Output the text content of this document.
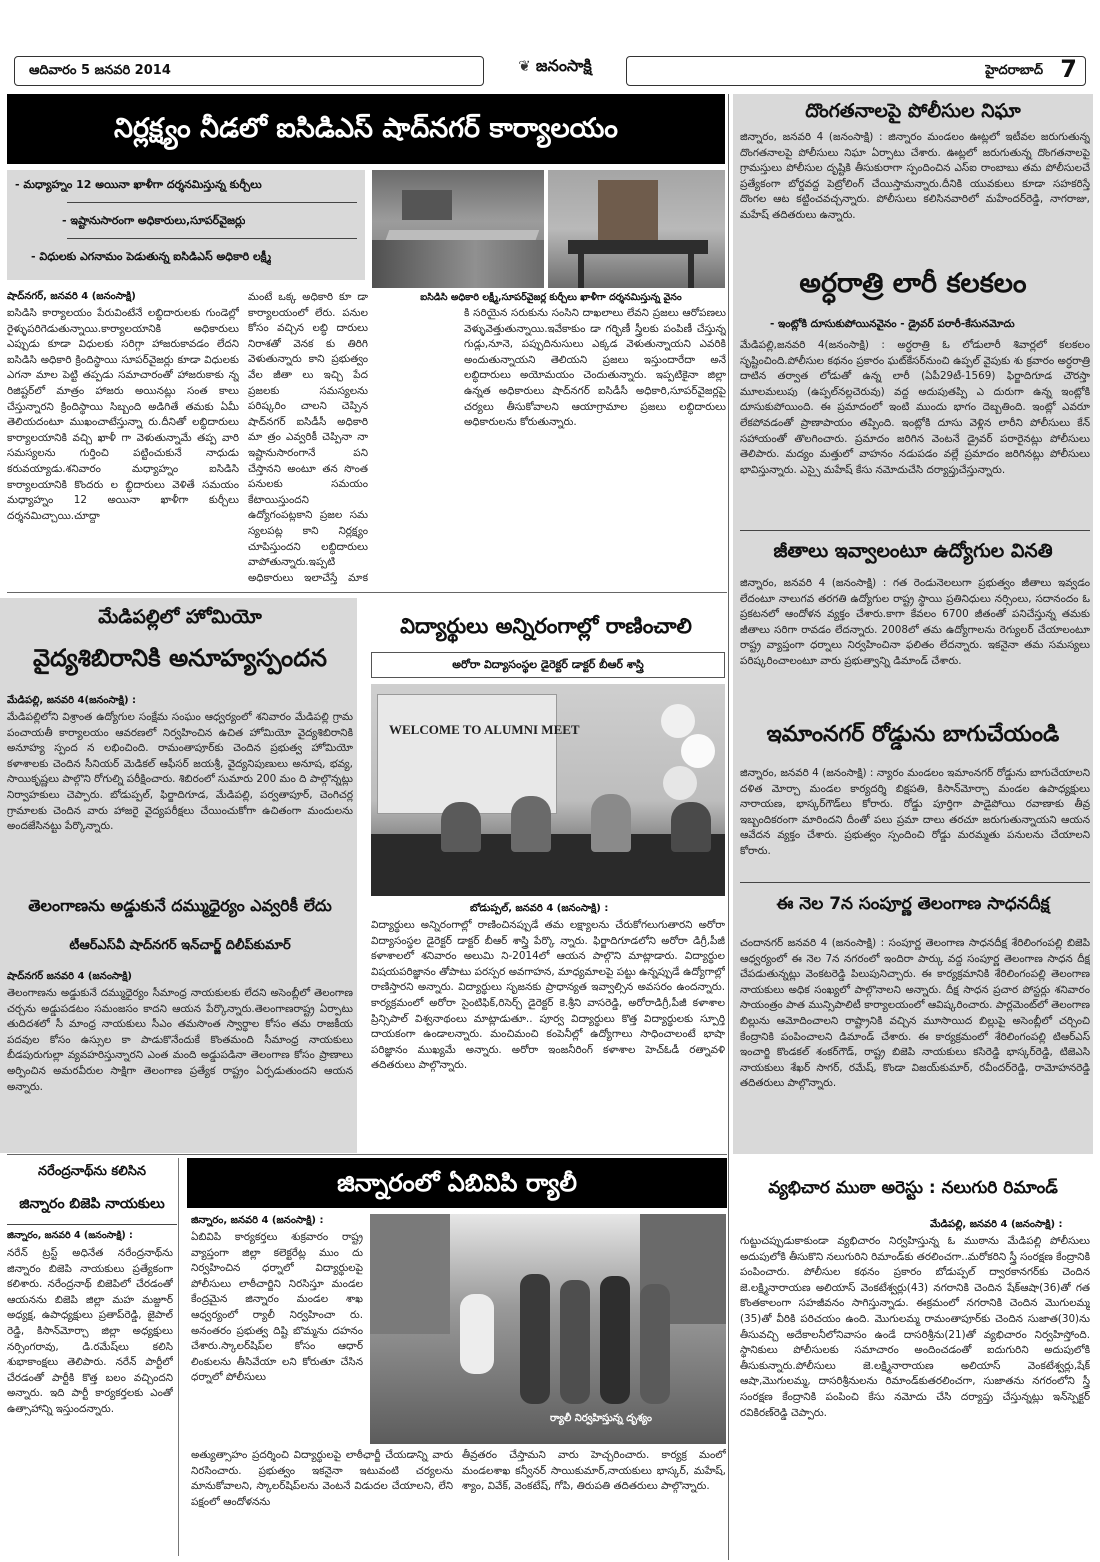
ఆదివారం 5 జనవరి 2014	❦ జనంసాక్షి	హైదరాబాద్ 7
నిర్లక్ష్యం నీడలో ఐసిడిఎస్ షాద్‌నగర్ కార్యాలయం
- మధ్యాహ్నం 12 అయినా ఖాళీగా దర్శనమిస్తున్న కుర్చీలు
- ఇష్టానుసారంగా అధికారులు,సూపర్‌వైజర్లు
- విధులకు ఎగనామం పెడుతున్న ఐసిడిఎస్ అధికారి లక్ష్మీ
ఐసిడిసి అధికారి లక్ష్మీ,సూపర్‌వైజర్ల కుర్చీలు ఖాళీగా దర్శనమిస్తున్న వైనం
షాద్‌నగర్, జనవరి 4 (జనంసాక్షి)
ఐసిడిసి కార్యాలయం పేరువింటేనే లబ్ధిదారులకు గుండెల్లో రైళ్ళుపరిగెడుతున్నాయి.కార్యాలయానికి అధికారులు ఎప్పుడు కూడా విధులకు సరిగ్గా హాజరుకావడం లేదని ఐసిడిసి అధికారి క్రిందిస్థాయి సూపర్‌వైజర్లు కూడా విధులకు ఎగనా మాల పెట్టి తప్పడు సమాచారంతో హాజరుకాకు న్న రిజిష్టర్‌లో మాత్రం హాజరు అయినట్లు సంత కాలు చేస్తున్నారని క్రిందిస్థాయి సిబ్బంది అడిగితే తమకు ఏమీ తెలియదంటూ ముఖంచాటేస్తున్నా రు.దీనితో లబ్ధిదారులు కార్యాలయానికి వచ్చి ఖాళీ గా వెళుతున్నామే తప్ప వారి సమస్యలను గుర్తించి పట్టించుకునే నాధుడు కరువయ్యాడు.శనివారం మధ్యాహ్నం ఐసిడిసి కార్యాలయానికి కొందరు ల బ్ధిదారులు వెళితే సమయం మధ్యాహ్నం 12 అయినా ఖాళీగా కుర్చీలు దర్శనమిచ్చాయి.చూద్దా
మంటే ఒక్క అధికారి కూ డా కార్యాలయంలో లేరు. పనుల కోసం వచ్చిన లబ్ధి దారులు నిరాశతో వెనక కు తిరిగి వెళుతున్నారు కాని ప్రభుత్వం వేల జీతా లు ఇచ్చి పేద ప్రజలకు సమస్యలను పరిష్కరిం చాలని చెప్పిన షాద్‌నగర్ ఐసిడీసీ అధికారి మా త్రం ఎవ్వరికీ చెప్పినా నా ఇష్టానుసారంగానే పని చేస్తానని అంటూ తన సొంత పనులకు సమయం కేటాయిస్తుందని ఉద్యోగంపట్లకాని ప్రజల సమ స్యలపట్ల కాని నిర్లక్ష్యం చూపిస్తుందని లబ్ధిదారులు వాపోతున్నారు.ఇప్పటి అధికారులు ఇలాచేస్తే మాక
కి సరియైన సరుకును సంసిని దాఖలాలు లేవని ప్రజలు ఆరోపణలు వెళ్ళువెత్తుతున్నాయి.ఇవేకాకుం డా గర్భిణీ స్త్రీలకు పంపిణీ చేస్తున్న గుడ్లు,నూనె, పప్పుదినుసులు ఎక్కడ వెళుతున్నాయని ఎవరికి అందుతున్నాయని తెలియని ప్రజలు ఇస్తుందారేదా అనే లబ్ధిదారులు అయోమయం చెందుతున్నారు. ఇప్పటికైనా జిల్లా ఉన్నత అధికారులు షాద్‌నగర్ ఐసిడీసీ అధికారి,సూపర్‌వైజర్లపై చర్యలు తీసుకోవాలని ఆయాగ్రామాల ప్రజలు లబ్ధిదారులు అధికారులను కోరుతున్నారు.
దొంగతనాలపై పోలీసుల నిఘా
జిన్నారం, జనవరి 4 (జనంసాక్షి) : జిన్నారం మండలం ఊట్లలో ఇటీవల జరుగుతున్న దొంగతనాలపై పోలీసులు నిఘా ఏర్పాటు చేశారు. ఊట్లలో జరుగుతున్న దొంగతనాలపై గ్రామస్తులు పోలీసుల దృష్టికి తీసుకురాగా స్పందించిన ఎస్‌ఐ రాంబాబు తమ పోలీసులచే ప్రత్యేకంగా బోర్డవద్ద పెట్రోలింగ్ చేయిస్తామన్నారు.దీనికి యువకులు కూడా సహకరిస్తే దొంగల ఆట కట్టించవచ్చన్నారు. పోలీసులు కలిసినవారిలో మహేందర్‌రెడ్డి, నాగరాజు, మహేష్ తదితరులు ఉన్నారు.
అర్ధరాత్రి లారీ కలకలం
- ఇంట్లోకి దూసుకుపోయినవైనం - డ్రైవర్ పరారీ-కేసునమోదు
మేడిపల్లి,జనవరి 4(జనంసాక్షి) : అర్ధరాత్రి ఓ లోడులారీ శివార్లలో కలకలం సృష్టించింది.పోలీసుల కథనం ప్రకారం ఘట్‌కేసర్‌నుంచి ఉప్పల్ వైపుకు శు క్రవారం అర్ధరాత్రి దాటిన తర్వాత లోడుతో ఉన్న లారీ (ఏపీ29టీ-1569) ఫిర్జాదిగూడ చౌరస్తా మూలమలుపు (ఉప్పల్‌నల్లచెరువు) వద్ద అదుపుతప్పి ఎ దురుగా ఉన్న ఇంట్లోకి దూసుకుపోయింది. ఈ ప్రమాదంలో ఇంటి ముందు భాగం దెబ్బతింది. ఇంట్లో ఎవరూ లేకపోవడంతో ప్రాణాపాయం తప్పింది. ఇంట్లోకి దూసు వెళ్లిన లారీని పోలీసులు కేన్ సహాయంతో తొలగించారు. ప్రమాదం జరిగిన వెంటనే డ్రైవర్ పరారైనట్లు పోలీసులు తెలిపారు. మద్యం మత్తులో వాహనం నడుపడం వల్లే ప్రమాదం జరిగినట్లు పోలీసులు భావిస్తున్నారు. ఎస్సై మహేష్ కేసు నమోదుచేసి దర్యాప్తుచేస్తున్నారు.
జీతాలు ఇవ్వాలంటూ ఉద్యోగుల వినతి
జిన్నారం, జనవరి 4 (జనంసాక్షి) : గత రెండునెలలుగా ప్రభుత్వం జీతాలు ఇవ్వడం లేదంటూ నాలుగవ తరగతి ఉద్యోగుల రాష్ట్ర స్థాయి ప్రతినిధులు నర్సింలు, సదానందం ఓ ప్రకటనలో ఆందోళన వ్యక్తం చేశారు.కాగా కేవలం 6700 జీతంతో పనిచేస్తున్న తమకు జీతాలు సరిగా రావడం లేదన్నారు. 2008లో తమ ఉద్యోగాలను రెగ్యులర్ చేయాలంటూ రాష్ట్ర వ్యాప్తంగా ధర్నాలు నిర్వహించినా ఫలితం లేదన్నారు. ఇకనైనా తమ సమస్యలు పరిష్కరించాలంటూ వారు ప్రభుత్వాన్ని డిమాండ్ చేశారు.
ఇమాంనగర్ రోడ్డును బాగుచేయండి
జిన్నారం, జనవరి 4 (జనంసాక్షి) : న్యారం మండలం ఇమాంనగర్ రోడ్డును బాగుచేయాలని దళిత మోర్చా మండల కార్యదర్శి బిక్షపతి, కిసాన్‌మోర్చా మండల ఉపాధ్యక్షులు నారాయణ, భాస్కర్‌గౌడ్‌లు కోరారు. రోడ్డు పూర్తిగా పాడైపోయి రవాణాకు తీవ్ర ఇబ్బందికరంగా మారిందని దీంతో పలు ప్రమా దాలు తరచూ జరుగుతున్నాయని ఆయన ఆవేదన వ్యక్తం చేశారు. ప్రభుత్వం స్పందించి రోడ్డు మరమ్మతు పనులను చేయాలని కోరారు.
ఈ నెల 7న సంపూర్ణ తెలంగాణ సాధనదీక్ష
చందానగర్ జనవరి 4 (జనంసాక్షి) : సంపూర్ణ తెలంగాణ సాధనదీక్ష శేరిలింగంపల్లి బిజెపి ఆధ్వర్యంలో ఈ నెల 7న నగరంలో ఇందిరా పార్కు వద్ద సంపూర్ణ తెలంగాణ సాధన దీక్ష చేపడుతున్నట్లు వెంకటరెడ్డి పిలుపునిచ్చారు. ఈ కార్యక్రమానికి శేరిలింగంపల్లి తెలంగాణ నాయకులు అధిక సంఖ్యలో పాల్గొనాలని అన్నారు. దీక్ష సాధన ప్రచార పోస్టర్లు శనివారం సాయంత్రం పాత మున్సిపాలిటీ కార్యాలయంలో ఆవిష్కరించారు. పార్లమెంట్‌లో తెలంగాణ బిల్లును ఆమోదించాలని రాష్ట్రానికి వచ్చిన మూసాయిద బిల్లుపై అసెంబ్లీలో చర్చించి కేంద్రానికి పంపించాలని డిమాండ్ చేశారు. ఈ కార్యక్రమంలో శేరిలింగంపల్లి టిఆర్ఎస్ ఇంచార్జి కొండకల్ శంకర్‌గౌడ్, రాష్ట్ర బిజెపి నాయకులు కసిరెడ్డి భాస్కర్‌రెడ్డి, టిజెఎసి నాయకులు శేఖర్ సాగర్, రమేష్, కొండా విజయ్‌కుమార్, రవీందర్‌రెడ్డి, రామోహనరెడ్డి తదితరులు పాల్గొన్నారు.
వ్యభిచార ముఠా అరెస్టు : నలుగురి రిమాండ్
మేడిపల్లి, జనవరి 4 (జనంసాక్షి) :
గుట్టుచప్పుడుకాకుండా వ్యభిచారం నిర్వహిస్తున్న ఓ ముఠాను మేడిపల్లి పోలీసులు అదుపులోకి తీసుకొని నలుగురిని రిమాండ్‌కు తరలించగా..మరోకరిని స్త్రీ సంరక్షణ కేంద్రానికి పంపించారు. పోలీసుల కథనం ప్రకారం బోడుప్పల్ ద్వారకానగర్‌కు చెందిన జె.లక్ష్మినారాయణ అలియాస్ వెంకటేశ్వర్లు(43) నగరానికి చెందిన షేక్ఆషా(36)తో గత కొంతకాలంగా సహజీవనం సాగిస్తున్నాడు. ఈక్రమంలో నగరానికి చెందిన మొగులమ్మ (35)తో వీరికి పరిచయం ఉంది. మొగులమ్మ రామంతాపూర్‌కు చెందిన సుజాత(30)ను తీసువచ్చి అదేకాలనీలోనివాసం ఉండే దాసరిశ్రీను(21)తో వ్యభిచారం నిర్వహిస్తోంది. స్థానికులు పోలీసులకు సమాచారం అందించడంతో ఐదుగురిని అదుపులోకి తీసుకున్నారు.పోలీసులు జె.లక్ష్మినారాయణ అలియాస్ వెంకటేశ్వర్లు,షేక్ ఆషా,మొగులమ్మ, దాసరిశ్రీనులను రిమాండ్‌కుతరలించగా, సుజాతను నగరంలోని స్త్రీ సంరక్షణ కేంద్రానికి పంపించి కేసు నమోదు చేసి దర్యాప్తు చేస్తున్నట్లు ఇన్‌స్పెక్టర్ రవికిరణ్‌రెడ్డి చెప్పారు.
మేడిపల్లిలో హోమియో
వైద్యశిబిరానికి అనూహ్యస్పందన
మేడిపల్లి, జనవరి 4(జనంసాక్షి) :
మేడిపల్లిలోని విశ్రాంత ఉద్యోగుల సంక్షేమ సంఘం ఆధ్వర్యంలో శనివారం మేడిపల్లి గ్రామ పంచాయతీ కార్యాలయం ఆవరణలో నిర్వహించిన ఉచిత హోమియో వైద్యశిబిరానికి అనూహ్య స్పంద న లభించింది. రామంతాపూర్‌కు చెందిన ప్రభుత్వ హోమియో కళాశాలకు చెందిన సీనియర్ మెడికల్ ఆఫీసర్ జయశ్రీ, వైద్యనిపుణులు అనూష, భవ్య, సాయికృష్ణలు పాల్గొని రోగుల్ని పరీక్షించారు. శిబిరంలో సుమారు 200 మం ది పాల్గొన్నట్లు నిర్వాహకులు చెప్పారు. బోడుప్పల్, ఫిర్జాదిగూడ, మేడిపల్లి, పర్వతాపూర్, చెంగిచర్ల గ్రామాలకు చెందిన వారు హాజరై వైద్యపరీక్షలు చేయించుకోగా ఉచితంగా మందులను అందజేసినట్టు పేర్కొన్నారు.
తెలంగాణను అడ్డుకునే దమ్ముధైర్యం ఎవ్వరికీ లేదు
టీఆర్ఎస్‌వీ షాద్‌నగర్ ఇన్‌చార్జ్ దిలీప్‌కుమార్
షాద్‌నగర్ జనవరి 4 (జనంసాక్షి)
తెలంగాణను అడ్డుకునే దమ్ముధైర్యం సీమాంధ్ర నాయకులకు లేదని అసెంబ్లీలో తెలంగాణ చర్చను అడ్డుపడటం సమంజసం కాదని ఆయన పేర్కొన్నారు.తెలంగాణరాష్ట్ర ఏర్పాటు తుదిదశలో సీ మాంధ్ర నాయకులు సీఎం తమసొంత స్వార్థాల కోసం తమ రాజకీయ పదవుల కోసం ఉస్సుల కా పాడుకొనేందుకే కొంతమంది సీమాంధ్ర నాయకులు బీడపురుగుల్లా వ్యవహరిస్తున్నారని ఎంత మంది అడ్డుపడినా తెలంగాణ కోసం ప్రాణాలు అర్పించిన అమరవీరుల సాక్షిగా తెలంగాణ ప్రత్యేక రాష్ట్రం ఏర్పడుతుందని ఆయన అన్నారు.
విద్యార్థులు అన్నిరంగాల్లో రాణించాలి
అరోరా విద్యాసంస్థల డైరెక్టర్ డాక్టర్ బీఆర్ శాస్త్రి
WELCOME TO ALUMNI MEET
బోడుప్పల్, జనవరి 4 (జనంసాక్షి) :
విద్యార్థులు అన్నిరంగాల్లో రాణించినప్పుడే తమ లక్ష్యాలను చేరుకోగలుగుతారని అరోరా విద్యాసంస్థల డైరెక్టర్ డాక్టర్ బీఆర్ శాస్త్రి పేర్కొ న్నారు. ఫిర్జాదిగూడలోని అరోరా డిగ్రీ,పీజీ కళాశాలలో శనివారం అలుమి ని-2014లో ఆయన పాల్గొని మాట్లాడారు. విద్యార్థుల విషయపరిజ్ఞానం తోపాటు పరస్పర అవగాహన, మాధ్యమాలపై పట్టు ఉన్నప్పుడే ఉద్యోగాల్లో రాణిస్తారని అన్నారు. విద్యార్థులు సృజనకు ప్రాధాన్యత ఇవ్వాల్సిన అవసరం ఉందన్నారు. కార్యక్రమంలో అరోరా సైంటిఫిక్,రిసెర్చ్ డైరెక్టర్ కె.శ్రీని వాసరెడ్డి, అరోరాడిగ్రీ,పీజీ కళాశాల ప్రిన్సిపాల్ విశ్వనాథంలు మాట్లాడుతూ.. పూర్వ విద్యార్థులు కొత్త విద్యార్థులకు స్పూర్తి దాయకంగా ఉండాలన్నారు. మంచిమంచి కంపెనీల్లో ఉద్యోగాలు సాధించాలంటే భాషా పరిజ్ఞానం ముఖ్యమే అన్నారు. అరోరా ఇంజనీరింగ్ కళాశాల హెచ్ఓడీ రత్నావళి తదితరులు పాల్గొన్నారు.
నరేంద్రనాథ్‌ను కలిసిన
జిన్నారం బిజెపి నాయకులు
జిన్నారం, జనవరి 4 (జనంసాక్షి) :
నరేన్ ట్రస్ట్ అధినేత నరేంద్రనాథ్‌ను జిన్నారం బిజెపి నాయకులు ప్రత్యేకంగా కలిశారు. నరేంద్రనాథ్ బిజెపిలో చేరడంతో ఆయనను బిజెపి జిల్లా మహ మజ్దూర్ అధ్యక్ష, ఉపాధ్యక్షులు ప్రతాప్‌రెడ్డి, జైపాల్ రెడ్డి, కిసాన్‌మోర్చా జిల్లా అధ్యక్షులు నర్సింగరావు, డి.రమేష్‌లు కలిసి శుభాకాంక్షలు తెలిపారు. నరేన్ పార్టీలో చేరడంతో పార్టీకి కొత్త బలం వచ్చిందని అన్నారు. ఇది పార్టీ కార్యకర్తలకు ఎంతో ఉత్సాహాన్ని ఇస్తుందన్నారు.
జిన్నారంలో ఏబివిపి ర్యాలీ
జిన్నారం, జనవరి 4 (జనంసాక్షి) :
ఏబివిపి కార్యకర్తలు శుక్రవారం రాష్ట్ర వ్యాప్తంగా జిల్లా కలెక్టరేట్ల ముం దు నిర్వహించిన ధర్నాలో విద్యార్థులపై పోలీసులు లాఠీచార్జిని నిరసిస్తూ మండల కేంద్రమైన జిన్నారం మండల శాఖ ఆధ్వర్యంలో ర్యాలీ నిర్వహించా రు. అనంతరం ప్రభుత్వ దిష్టి బొమ్మను దహనం చేశారు.స్కాలర్‌షిప్‌ల కోసం ఆధార్ లింకులను తీసివేయా లని కోరుతూ చేసిన ధర్నాలో పోలీసులు
ర్యాలీ నిర్వహిస్తున్న దృశ్యం
అత్యుత్సాహం ప్రదర్శించి విద్యార్థులపై లాఠీఛార్జీ చేయడాన్ని వారు నిరసించారు. ప్రభుత్వం ఇకనైనా ఇటువంటి చర్యలను మానుకోవాలని, స్కాలర్‌షిప్‌లను వెంటనే విడుదల చేయాలని, లేని పక్షంలో ఆందోళనను
తీవ్రతరం చేస్తామని వారు హెచ్చరించారు. కార్యక్ర మంలో మండలశాఖ కన్వీనర్ సాయికుమార్,నాయకులు భాస్కర్, మహేష్, శ్యాం, వివేక్, వెంకటేష్, గోపి, తిరుపతి తదితరులు పాల్గొన్నారు.
